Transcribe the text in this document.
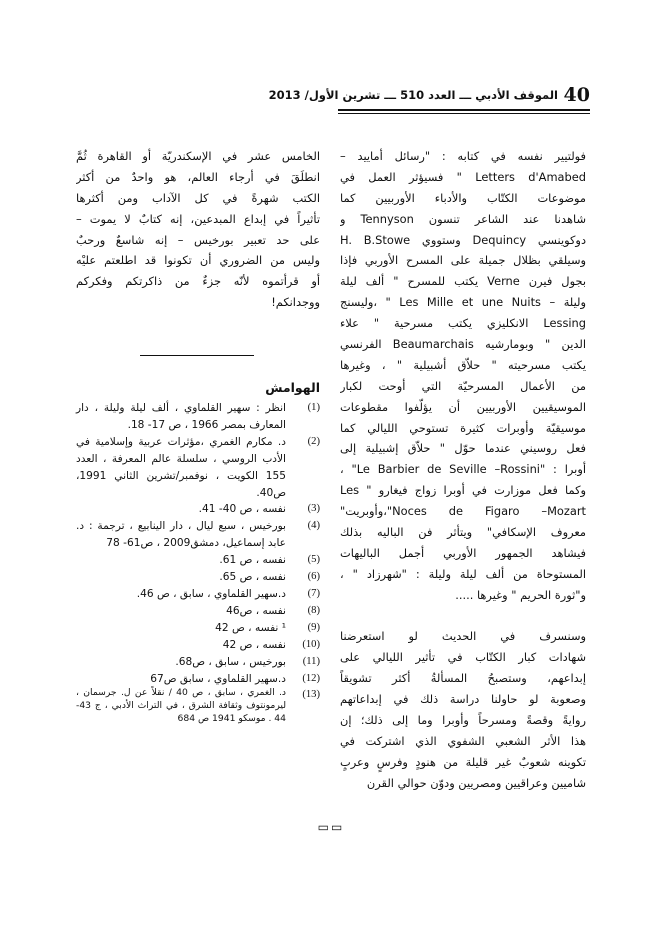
40
الموقف الأدبي ـــ العدد 510 ـــ تشرين الأول/ 2013
فولتيير نفسه في كتابه : "رسائل أماييد –
Letters d'Amabed " فسيؤثر العمل في
موضوعات الكتّاب والأدباء الأوربيين كما
شاهدنا عند الشاعر تنسون Tennyson و
دوكوينسي Dequincy وستووي H. B.Stowe
وسيلقي بظلال جميلة على المسرح الأوربي فإذا
بجول فيرن Verne يكتب للمسرح " ألف ليلة
وليلة – Les Mille et une Nuits " ،وليسنج
Lessing الانكليزي يكتب مسرحية " علاء
الدين " وبومارشيه Beaumarchais الفرنسي
يكتب مسرحيته " حلاّق أشبيلية " ، وغيرها
من الأعمال المسرحيّة التي أوحت لكبار
الموسيقيين الأوربيين أن يؤلّفوا مقطوعات
موسيقيّة وأوبرات كثيرة تستوحي الليالي كما
فعل روسيني عندما حوّل " حلاّق إشبيلية إلى
أوبرا : "Le Barbier de Seville –Rossini" ،
وكما فعل موزارت في أوبرا زواج فيغارو " Les
Noces de Figaro –Mozart"،وأوبريت"
معروف الإسكافي" ويتأثر فن الباليه بذلك
فيشاهد الجمهور الأوربي أجمل الباليهات
المستوحاة من ألف ليلة وليلة : "شهرزاد " ،
و"ثورة الحريم " وغيرها .....
وسنسرف في الحديث لو استعرضنا
شهادات كبار الكتّاب في تأثير الليالي على
إبداعهم، وستصبحُ المسألةُ أكثر تشويقاً
وصعوبة لو حاولنا دراسة ذلك في إبداعاتهم
روايةً وقصةً ومسرحاً وأوبرا وما إلى ذلك؛ إن
هذا الأثر الشعبي الشفوي الذي اشتركت في
تكوينه شعوبٌ غير قليلة من هنودٍ وفرسٍ وعربٍ
شاميين وعراقيين ومصريين ودوّن حوالي القرن
الخامس عشر في الإسكندريّة أو القاهرة ثُمَّ
انطلَقَ في أرجاء العالم، هو واحدٌ من أكثر
الكتب شهرةً في كل الآداب ومن أكثرها
تأثيراً في إبداع المبدعين، إنه كتابٌ لا يموت –
على حد تعبير بورخيس – إنه شاسعٌ ورحبٌ
وليس من الضروري أن تكونوا قد اطلعتم عليْه
أو قرأتموه لأنّه جزءٌ من ذاكرتكم وفكركم
ووجدانكم!
الهوامش
(1)
انظر : سهير القلماوي ، ألف ليلة وليلة ، دار المعارف بمصر 1966 ، ص 17- 18.
(2)
د. مكارم الغمري ،مؤثرات عربية وإسلامية في الأدب الروسي ، سلسلة عالم المعرفة ، العدد 155 الكويت ، نوفمبر/تشرين الثاني 1991، ص40.
(3)
نفسه ، ص 40- 41.
(4)
بورخيس ، سبع ليال ، دار الينابيع ، ترجمة : د. عابد إسماعيل، دمشق2009 ، ص61- 78
(5)
نفسه ، ص 61.
(6)
نفسه ، ص 65.
(7)
د.سهير القلماوي ، سابق ، ص 46.
(8)
نفسه ، ص46
(9)
¹ نفسه ، ص 42
(10)
نفسه ، ص 42
(11)
بورخيس ، سابق ، ص68.
(12)
د.سهير القلماوي ، سابق ص67
(13)
د. الغمري ، سابق ، ص 40 / نقلاً عن ل. جرسمان ، ليرمونتوف وثقافة الشرق ، في التراث الأدبي ، ج 43-44 . موسكو 1941 ص 684
▭▭
